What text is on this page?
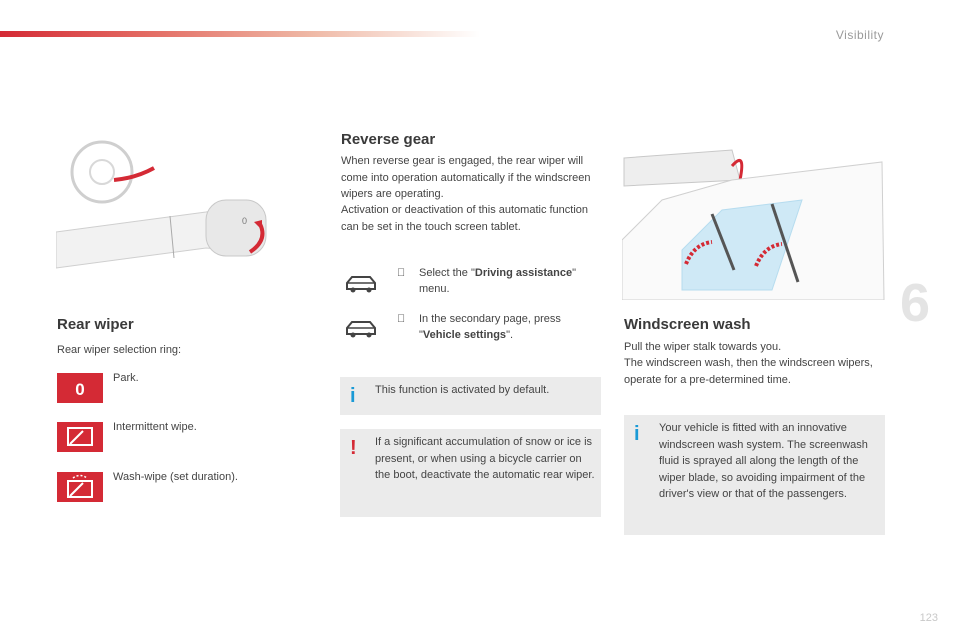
Visibility
6
123
0
Rear wiper

Rear wiper selection ring:

0
Park.
Intermittent wipe.
Wash-wipe (set duration).
Reverse gear

When reverse gear is engaged, the rear wiper will come into operation automatically if the windscreen wipers are operating.

Activation or deactivation of this automatic function can be set in the touch screen tablet.

Select the "Driving assistance" menu.
In the secondary page, press "Vehicle settings".
i This function is activated by default.
! If a significant accumulation of snow or ice is present, or when using a bicycle carrier on the boot, deactivate the automatic rear wiper.
Windscreen wash

Pull the wiper stalk towards you.

The windscreen wash, then the windscreen wipers, operate for a pre-determined time.

i Your vehicle is fitted with an innovative windscreen wash system. The screenwash fluid is sprayed all along the length of the wiper blade, so avoiding impairment of the driver's view or that of the passengers.
